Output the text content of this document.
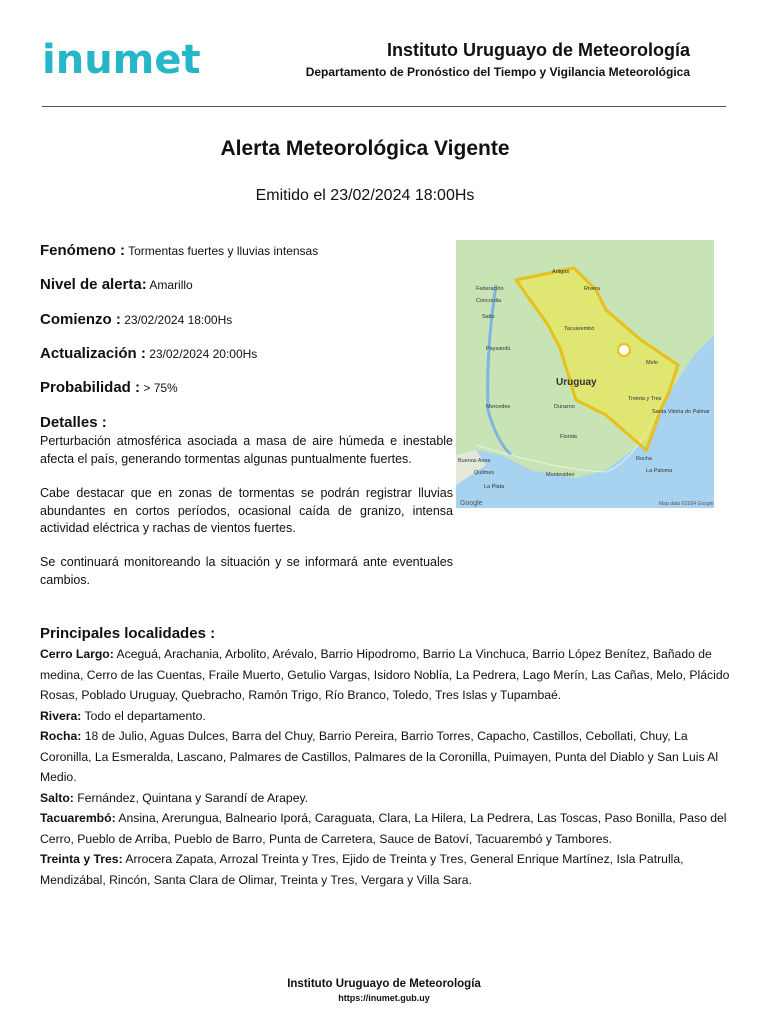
inumet	Instituto Uruguayo de Meteorología
Departamento de Pronóstico del Tiempo y Vigilancia Meteorológica
Alerta Meteorológica Vigente
Emitido el 23/02/2024 18:00Hs
Fenómeno : Tormentas fuertes y lluvias intensas
Nivel de alerta: Amarillo
Comienzo : 23/02/2024 18:00Hs
Actualización : 23/02/2024 20:00Hs
Probabilidad : > 75%
Detalles :
Perturbación atmosférica asociada a masa de aire húmeda e inestable afecta el país, generando tormentas algunas puntualmente fuertes.
Cabe destacar que en zonas de tormentas se podrán registrar lluvias abundantes en cortos períodos, ocasional caída de granizo, intensa actividad eléctrica y rachas de vientos fuertes.
Se continuará monitoreando la situación y se informará ante eventuales cambios.
Uruguay
Artigas
Rivera
Salto
Tacuarembó
Melo
Treinta y Tres
Florida
Montevideo
Buenos Aires	Rocha
La Paloma
Durazno
Mercedes
Paysandú
Concordia
Federación
Santa Vitória do Palmar
La Plata
Quilmes
Google	Map data ©2024 Google
Principales localidades :

Cerro Largo: Aceguá, Arachania, Arbolito, Arévalo, Barrio Hipodromo, Barrio La Vinchuca, Barrio López Benítez, Bañado de medina, Cerro de las Cuentas, Fraile Muerto, Getulio Vargas, Isidoro Noblía, La Pedrera, Lago Merín, Las Cañas, Melo, Plácido Rosas, Poblado Uruguay, Quebracho, Ramón Trigo, Río Branco, Toledo, Tres Islas y Tupambaé.

Rivera: Todo el departamento.

Rocha: 18 de Julio, Aguas Dulces, Barra del Chuy, Barrio Pereira, Barrio Torres, Capacho, Castillos, Cebollati, Chuy, La Coronilla, La Esmeralda, Lascano, Palmares de Castillos, Palmares de la Coronilla, Puimayen, Punta del Diablo y San Luis Al Medio.

Salto: Fernández, Quintana y Sarandí de Arapey.

Tacuarembó: Ansina, Arerungua, Balneario Iporá, Caraguata, Clara, La Hilera, La Pedrera, Las Toscas, Paso Bonilla, Paso del Cerro, Pueblo de Arriba, Pueblo de Barro, Punta de Carretera, Sauce de Batoví, Tacuarembó y Tambores.

Treinta y Tres: Arrocera Zapata, Arrozal Treinta y Tres, Ejido de Treinta y Tres, General Enrique Martínez, Isla Patrulla, Mendizábal, Rincón, Santa Clara de Olimar, Treinta y Tres, Vergara y Villa Sara.

Instituto Uruguayo de Meteorología
https://inumet.gub.uy
